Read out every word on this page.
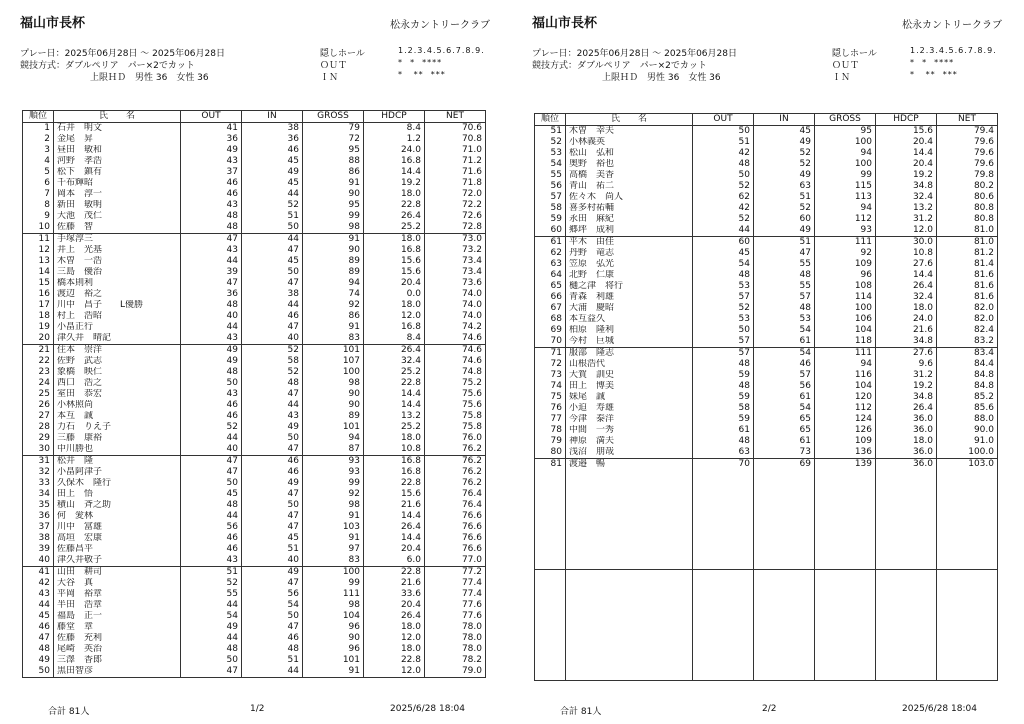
福山市長杯	松永カントリークラブ
プレー日：2025年06月28日 〜 2025年06月28日
競技方式：ダブルペリア　パー×2でカット
上限ＨＤ　男性 36　女性 36
隠しホール	1.2.3.4.5.6.7.8.9.
ＯＵＴ	*  *  ****
ＩＮ	*   **  ***
順位	氏　　名	OUT	IN	GROSS	HDCP	NET
1	石井　明文	41	38	79	8.4	70.6
2	金尾　昇	36	36	72	1.2	70.8
3	昼田　敏和	49	46	95	24.0	71.0
4	河野　孝浩	43	45	88	16.8	71.2
5	松下　鎮有	37	49	86	14.4	71.6
6	千布輝昭	46	45	91	19.2	71.8
7	岡本　淳一	46	44	90	18.0	72.0
8	新田　敏明	43	52	95	22.8	72.2
9	大池　茂仁	48	51	99	26.4	72.6
10	佐藤　智	48	50	98	25.2	72.8
11	手塚淳三	47	44	91	18.0	73.0
12	井上　光基	43	47	90	16.8	73.2
13	木曽　一浩	44	45	89	15.6	73.4
14	三島　優治	39	50	89	15.6	73.4
15	橋本則利	47	47	94	20.4	73.6
16	渡辺　裕之	36	38	74	0.0	74.0
17	川中　昌子　　L優勝	48	44	92	18.0	74.0
18	村上　浩昭	40	46	86	12.0	74.0
19	小畠正行	44	47	91	16.8	74.2
20	津久井　晴記	43	40	83	8.4	74.6
21	住本　崇洋	49	52	101	26.4	74.6
22	佐野　武志	49	58	107	32.4	74.6
23	象橋　映仁	48	52	100	25.2	74.8
24	西口　浩之	50	48	98	22.8	75.2
25	室田　恭宏	43	47	90	14.4	75.6
26	小林照尚	46	44	90	14.4	75.6
27	本互　誠	46	43	89	13.2	75.8
28	力石　りえ子	52	49	101	25.2	75.8
29	三藤　康裕	44	50	94	18.0	76.0
30	中川勝也	40	47	87	10.8	76.2
31	松井　隆	47	46	93	16.8	76.2
32	小畠阿津子	47	46	93	16.8	76.2
33	久保木　隆行	50	49	99	22.8	76.2
34	田上　悟	45	47	92	15.6	76.4
35	積山　斉之助	48	50	98	21.6	76.4
36	何　愛林	44	47	91	14.4	76.6
37	川中　富雄	56	47	103	26.4	76.6
38	高垣　宏康	46	45	91	14.4	76.6
39	佐藤昌平	46	51	97	20.4	76.6
40	津久井敬子	43	40	83	6.0	77.0
41	山田　耕司	51	49	100	22.8	77.2
42	大谷　真	52	47	99	21.6	77.4
43	平岡　裕章	55	56	111	33.6	77.4
44	半田　浩章	44	54	98	20.4	77.6
45	福島　正一	54	50	104	26.4	77.6
46	藤堂　章	49	47	96	18.0	78.0
47	佐藤　充利	44	46	90	12.0	78.0
48	尾崎　英治	48	48	96	18.0	78.0
49	三澤　香郎	50	51	101	22.8	78.2
50	黒田智彦	47	44	91	12.0	79.0
合計 81人	1/2	2025/6/28 18:04
福山市長杯	松永カントリークラブ
プレー日：2025年06月28日 〜 2025年06月28日
競技方式：ダブルペリア　パー×2でカット
上限ＨＤ　男性 36　女性 36
隠しホール	1.2.3.4.5.6.7.8.9.
ＯＵＴ	*  *  ****
ＩＮ	*   **  ***
順位	氏　　名	OUT	IN	GROSS	HDCP	NET
51	木曽　幸夫	50	45	95	15.6	79.4
52	小林義英	51	49	100	20.4	79.6
53	松山　弘和	42	52	94	14.4	79.6
54	奥野　裕也	48	52	100	20.4	79.6
55	高橋　美香	50	49	99	19.2	79.8
56	青山　祐二	52	63	115	34.8	80.2
57	佐々木　尚人	62	51	113	32.4	80.6
58	喜多村祐輔	42	52	94	13.2	80.8
59	永田　麻紀	52	60	112	31.2	80.8
60	郷坪　成利	44	49	93	12.0	81.0
61	平木　由佳	60	51	111	30.0	81.0
62	丹野　竜志	45	47	92	10.8	81.2
63	笠原　弘光	54	55	109	27.6	81.4
64	北野　仁康	48	48	96	14.4	81.6
65	樋之津　将行	53	55	108	26.4	81.6
66	青森　利雄	57	57	114	32.4	81.6
67	大浦　慶昭	52	48	100	18.0	82.0
68	本互益久	53	53	106	24.0	82.0
69	柏原　隆利	50	54	104	21.6	82.4
70	今村　巨城	57	61	118	34.8	83.2
71	服部　隆志	57	54	111	27.6	83.4
72	山根浩代	48	46	94	9.6	84.4
73	大賀　訓史	59	57	116	31.2	84.8
74	田上　博美	48	56	104	19.2	84.8
75	妹尾　誠	59	61	120	34.8	85.2
76	小迫　寿雄	58	54	112	26.4	85.6
77	今津　泰洋	59	65	124	36.0	88.0
78	中間　一秀	61	65	126	36.0	90.0
79	神原　満夫	48	61	109	18.0	91.0
80	浅沼　朋哉	63	73	136	36.0	100.0
81	渡邉　暢	70	69	139	36.0	103.0

合計 81人	2/2	2025/6/28 18:04
